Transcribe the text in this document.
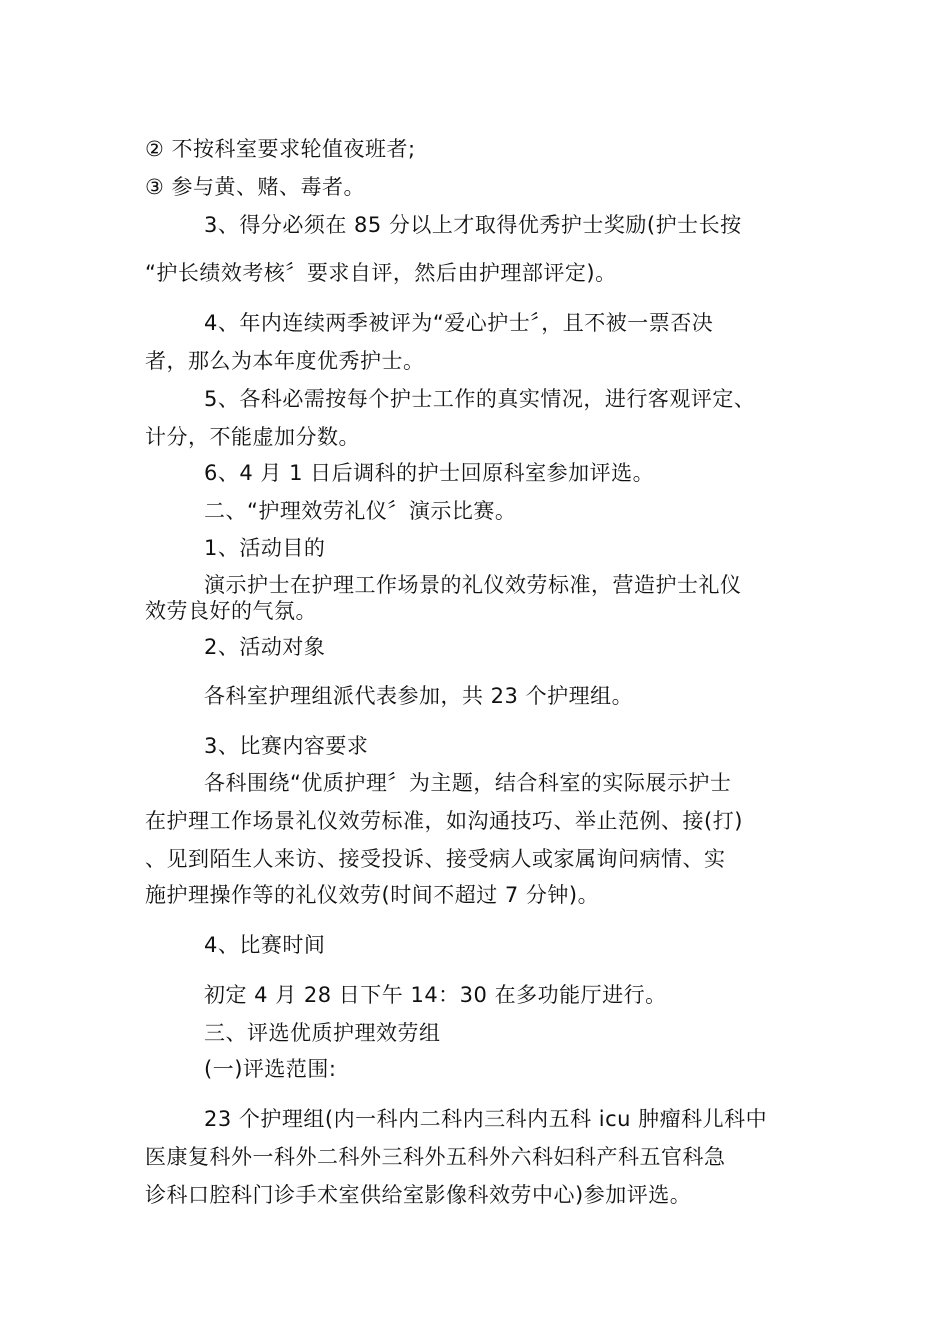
② 不按科室要求轮值夜班者;
③ 参与黄、赌、毒者。
3、得分必须在 85 分以上才取得优秀护士奖励(护士长按
“护长绩效考核〞要求自评，然后由护理部评定)。
4、年内连续两季被评为“爱心护士〞，且不被一票否决
者，那么为本年度优秀护士。
5、各科必需按每个护士工作的真实情况，进行客观评定、
计分，不能虚加分数。
6、4 月 1 日后调科的护士回原科室参加评选。
二、“护理效劳礼仪〞演示比赛。
1、活动目的
演示护士在护理工作场景的礼仪效劳标准，营造护士礼仪
效劳良好的气氛。
2、活动对象
各科室护理组派代表参加，共 23 个护理组。
3、比赛内容要求
各科围绕“优质护理〞为主题，结合科室的实际展示护士
在护理工作场景礼仪效劳标准，如沟通技巧、举止范例、接(打)
、见到陌生人来访、接受投诉、接受病人或家属询问病情、实
施护理操作等的礼仪效劳(时间不超过 7 分钟)。
4、比赛时间
初定 4 月 28 日下午 14：30 在多功能厅进行。
三、评选优质护理效劳组
(一)评选范围:
23 个护理组(内一科内二科内三科内五科 icu 肿瘤科儿科中
医康复科外一科外二科外三科外五科外六科妇科产科五官科急
诊科口腔科门诊手术室供给室影像科效劳中心)参加评选。
